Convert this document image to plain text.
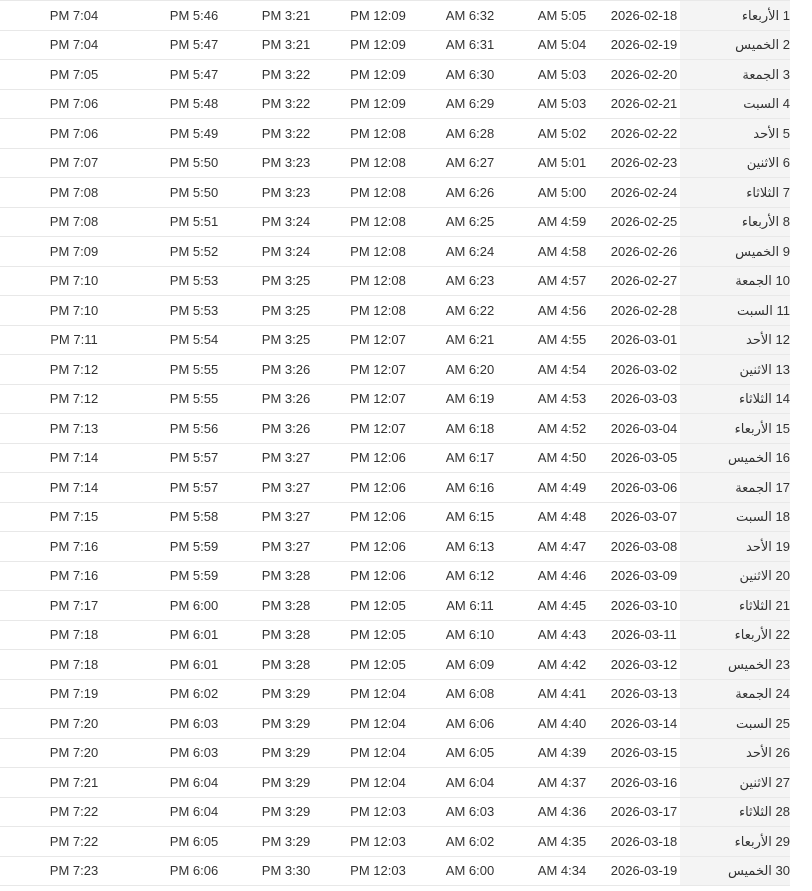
1 الأربعاء	2026-02-18	AM 5:05	AM 6:32	PM 12:09	PM 3:21	PM 5:46	PM 7:04
2 الخميس	2026-02-19	AM 5:04	AM 6:31	PM 12:09	PM 3:21	PM 5:47	PM 7:04
3 الجمعة	2026-02-20	AM 5:03	AM 6:30	PM 12:09	PM 3:22	PM 5:47	PM 7:05
4 السبت	2026-02-21	AM 5:03	AM 6:29	PM 12:09	PM 3:22	PM 5:48	PM 7:06
5 الأحد	2026-02-22	AM 5:02	AM 6:28	PM 12:08	PM 3:22	PM 5:49	PM 7:06
6 الاثنين	2026-02-23	AM 5:01	AM 6:27	PM 12:08	PM 3:23	PM 5:50	PM 7:07
7 الثلاثاء	2026-02-24	AM 5:00	AM 6:26	PM 12:08	PM 3:23	PM 5:50	PM 7:08
8 الأربعاء	2026-02-25	AM 4:59	AM 6:25	PM 12:08	PM 3:24	PM 5:51	PM 7:08
9 الخميس	2026-02-26	AM 4:58	AM 6:24	PM 12:08	PM 3:24	PM 5:52	PM 7:09
10 الجمعة	2026-02-27	AM 4:57	AM 6:23	PM 12:08	PM 3:25	PM 5:53	PM 7:10
11 السبت	2026-02-28	AM 4:56	AM 6:22	PM 12:08	PM 3:25	PM 5:53	PM 7:10
12 الأحد	2026-03-01	AM 4:55	AM 6:21	PM 12:07	PM 3:25	PM 5:54	PM 7:11
13 الاثنين	2026-03-02	AM 4:54	AM 6:20	PM 12:07	PM 3:26	PM 5:55	PM 7:12
14 الثلاثاء	2026-03-03	AM 4:53	AM 6:19	PM 12:07	PM 3:26	PM 5:55	PM 7:12
15 الأربعاء	2026-03-04	AM 4:52	AM 6:18	PM 12:07	PM 3:26	PM 5:56	PM 7:13
16 الخميس	2026-03-05	AM 4:50	AM 6:17	PM 12:06	PM 3:27	PM 5:57	PM 7:14
17 الجمعة	2026-03-06	AM 4:49	AM 6:16	PM 12:06	PM 3:27	PM 5:57	PM 7:14
18 السبت	2026-03-07	AM 4:48	AM 6:15	PM 12:06	PM 3:27	PM 5:58	PM 7:15
19 الأحد	2026-03-08	AM 4:47	AM 6:13	PM 12:06	PM 3:27	PM 5:59	PM 7:16
20 الاثنين	2026-03-09	AM 4:46	AM 6:12	PM 12:06	PM 3:28	PM 5:59	PM 7:16
21 الثلاثاء	2026-03-10	AM 4:45	AM 6:11	PM 12:05	PM 3:28	PM 6:00	PM 7:17
22 الأربعاء	2026-03-11	AM 4:43	AM 6:10	PM 12:05	PM 3:28	PM 6:01	PM 7:18
23 الخميس	2026-03-12	AM 4:42	AM 6:09	PM 12:05	PM 3:28	PM 6:01	PM 7:18
24 الجمعة	2026-03-13	AM 4:41	AM 6:08	PM 12:04	PM 3:29	PM 6:02	PM 7:19
25 السبت	2026-03-14	AM 4:40	AM 6:06	PM 12:04	PM 3:29	PM 6:03	PM 7:20
26 الأحد	2026-03-15	AM 4:39	AM 6:05	PM 12:04	PM 3:29	PM 6:03	PM 7:20
27 الاثنين	2026-03-16	AM 4:37	AM 6:04	PM 12:04	PM 3:29	PM 6:04	PM 7:21
28 الثلاثاء	2026-03-17	AM 4:36	AM 6:03	PM 12:03	PM 3:29	PM 6:04	PM 7:22
29 الأربعاء	2026-03-18	AM 4:35	AM 6:02	PM 12:03	PM 3:29	PM 6:05	PM 7:22
30 الخميس	2026-03-19	AM 4:34	AM 6:00	PM 12:03	PM 3:30	PM 6:06	PM 7:23
